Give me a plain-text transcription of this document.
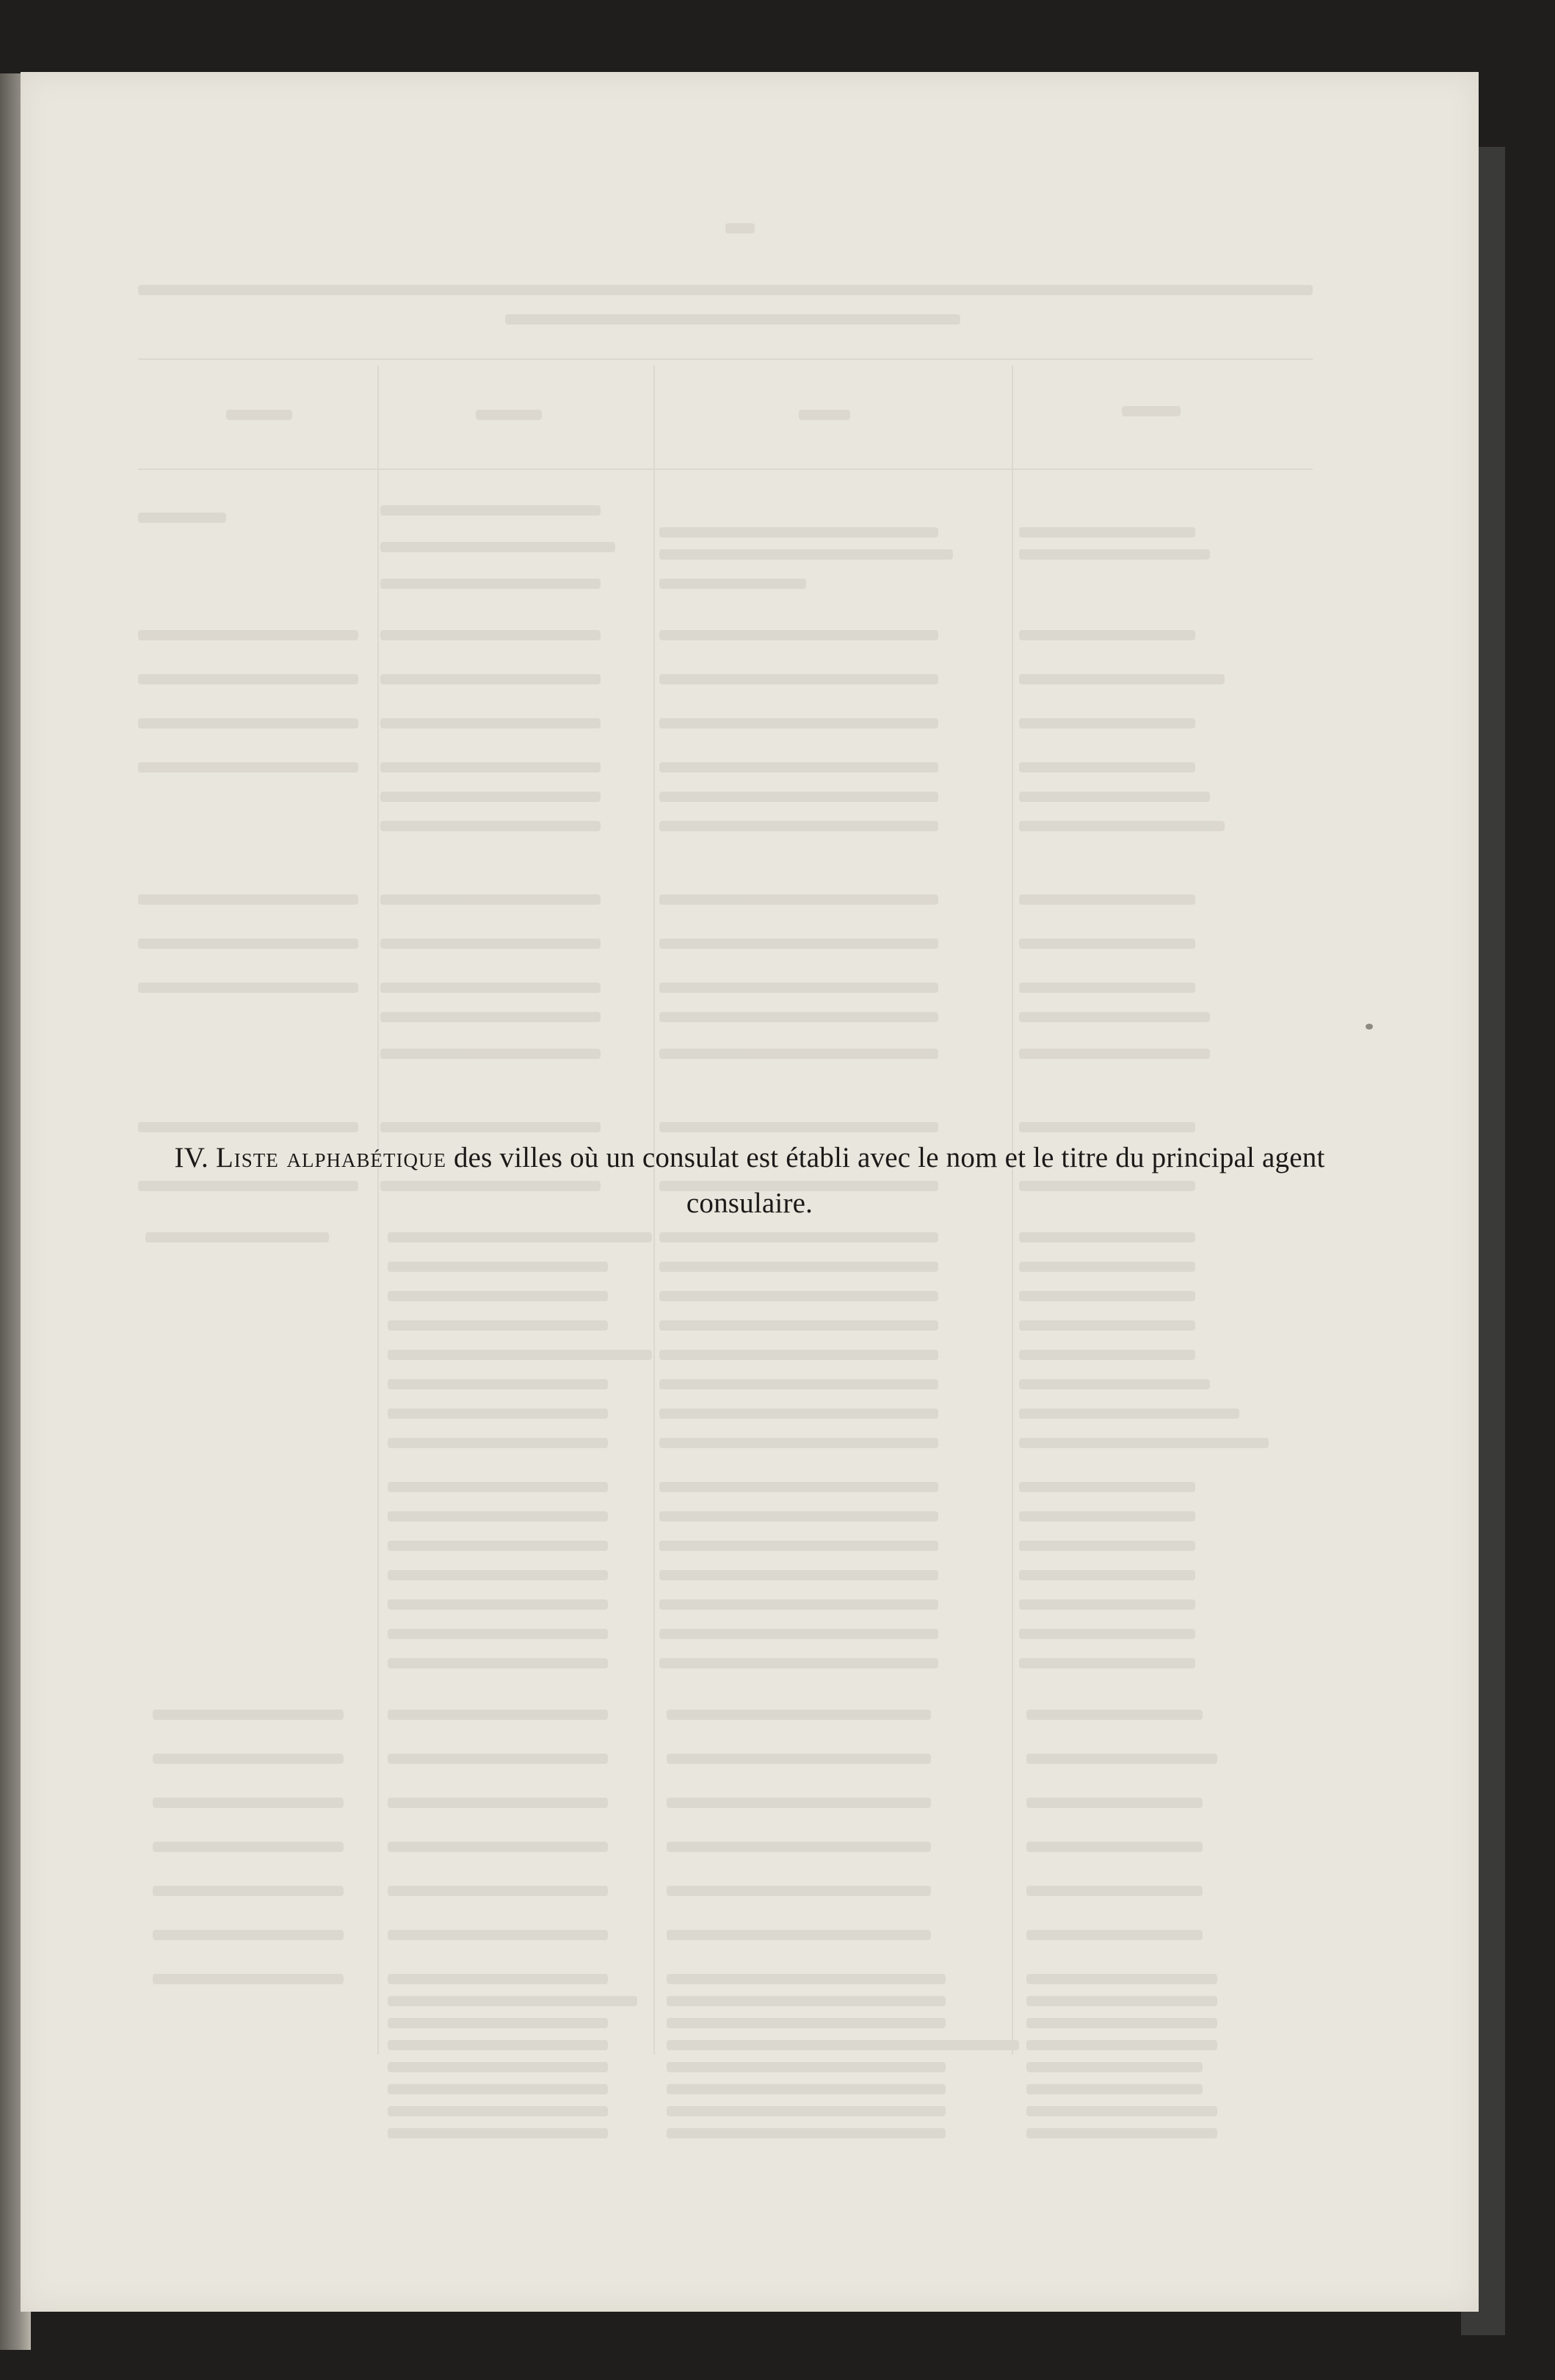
IV. Liste alphabétique des villes où un consulat est établi avec le nom et le titre du principal agent consulaire.
